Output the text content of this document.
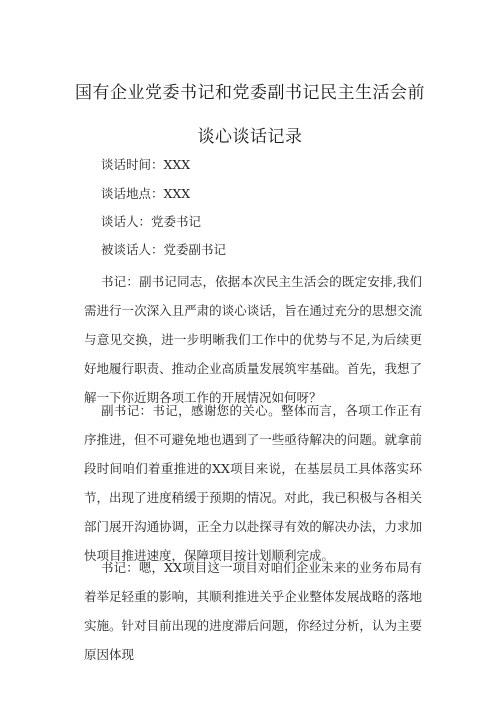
国有企业党委书记和党委副书记民主生活会前
谈心谈话记录
谈话时间：XXX
谈话地点：XXX
谈话人：党委书记
被谈话人：党委副书记

书记：副书记同志，依据本次民主生活会的既定安排,我们需进行一次深入且严肃的谈心谈话，旨在通过充分的思想交流与意见交换，进一步明晰我们工作中的优势与不足,为后续更好地履行职责、推动企业高质量发展筑牢基础。首先，我想了解一下你近期各项工作的开展情况如何呀？

副书记：书记，感谢您的关心。整体而言，各项工作正有序推进，但不可避免地也遇到了一些亟待解决的问题。就拿前段时间咱们着重推进的XX项目来说，在基层员工具体落实环节，出现了进度稍缓于预期的情况。对此，我已积极与各相关部门展开沟通协调，正全力以赴探寻有效的解决办法，力求加快项目推进速度，保障项目按计划顺利完成。

书记：嗯，XX项目这一项目对咱们企业未来的业务布局有着举足轻重的影响，其顺利推进关乎企业整体发展战略的落地实施。针对目前出现的进度滞后问题，你经过分析，认为主要原因体现
